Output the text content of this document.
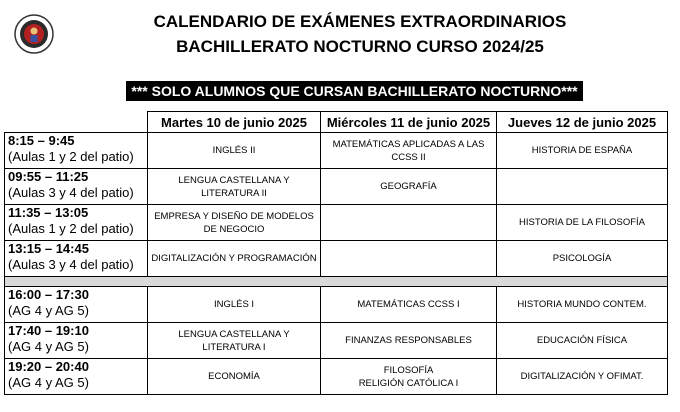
CALENDARIO DE EXÁMENES EXTRAORDINARIOS
BACHILLERATO NOCTURNO CURSO 2024/25
*** SOLO ALUMNOS QUE CURSAN BACHILLERATO NOCTURNO***
	Martes 10 de junio 2025	Miércoles 11 de junio 2025	Jueves 12 de junio 2025

8:15 – 9:45
(Aulas 1 y 2 del patio)	INGLÉS II	MATEMÁTICAS APLICADAS A LAS CCSS II	HISTORIA DE ESPAÑA

09:55 – 11:25
(Aulas 3 y 4 del patio)	LENGUA CASTELLANA Y LITERATURA II	GEOGRAFÍA	

11:35 – 13:05
(Aulas 1 y 2 del patio)	EMPRESA Y DISEÑO DE MODELOS DE NEGOCIO		HISTORIA DE LA FILOSOFÍA

13:15 – 14:45
(Aulas 3 y 4 del patio)	DIGITALIZACIÓN Y PROGRAMACIÓN		PSICOLOGÍA

16:00 – 17:30
(AG 4 y AG 5)	INGLÉS I	MATEMÁTICAS CCSS I	HISTORIA MUNDO CONTEM.

17:40 – 19:10
(AG 4 y AG 5)	LENGUA CASTELLANA Y LITERATURA I	FINANZAS RESPONSABLES	EDUCACIÓN FÍSICA

19:20 – 20:40
(AG 4 y AG 5)	ECONOMÍA	FILOSOFÍA
RELIGIÓN CATÓLICA I	DIGITALIZACIÓN Y OFIMAT.
